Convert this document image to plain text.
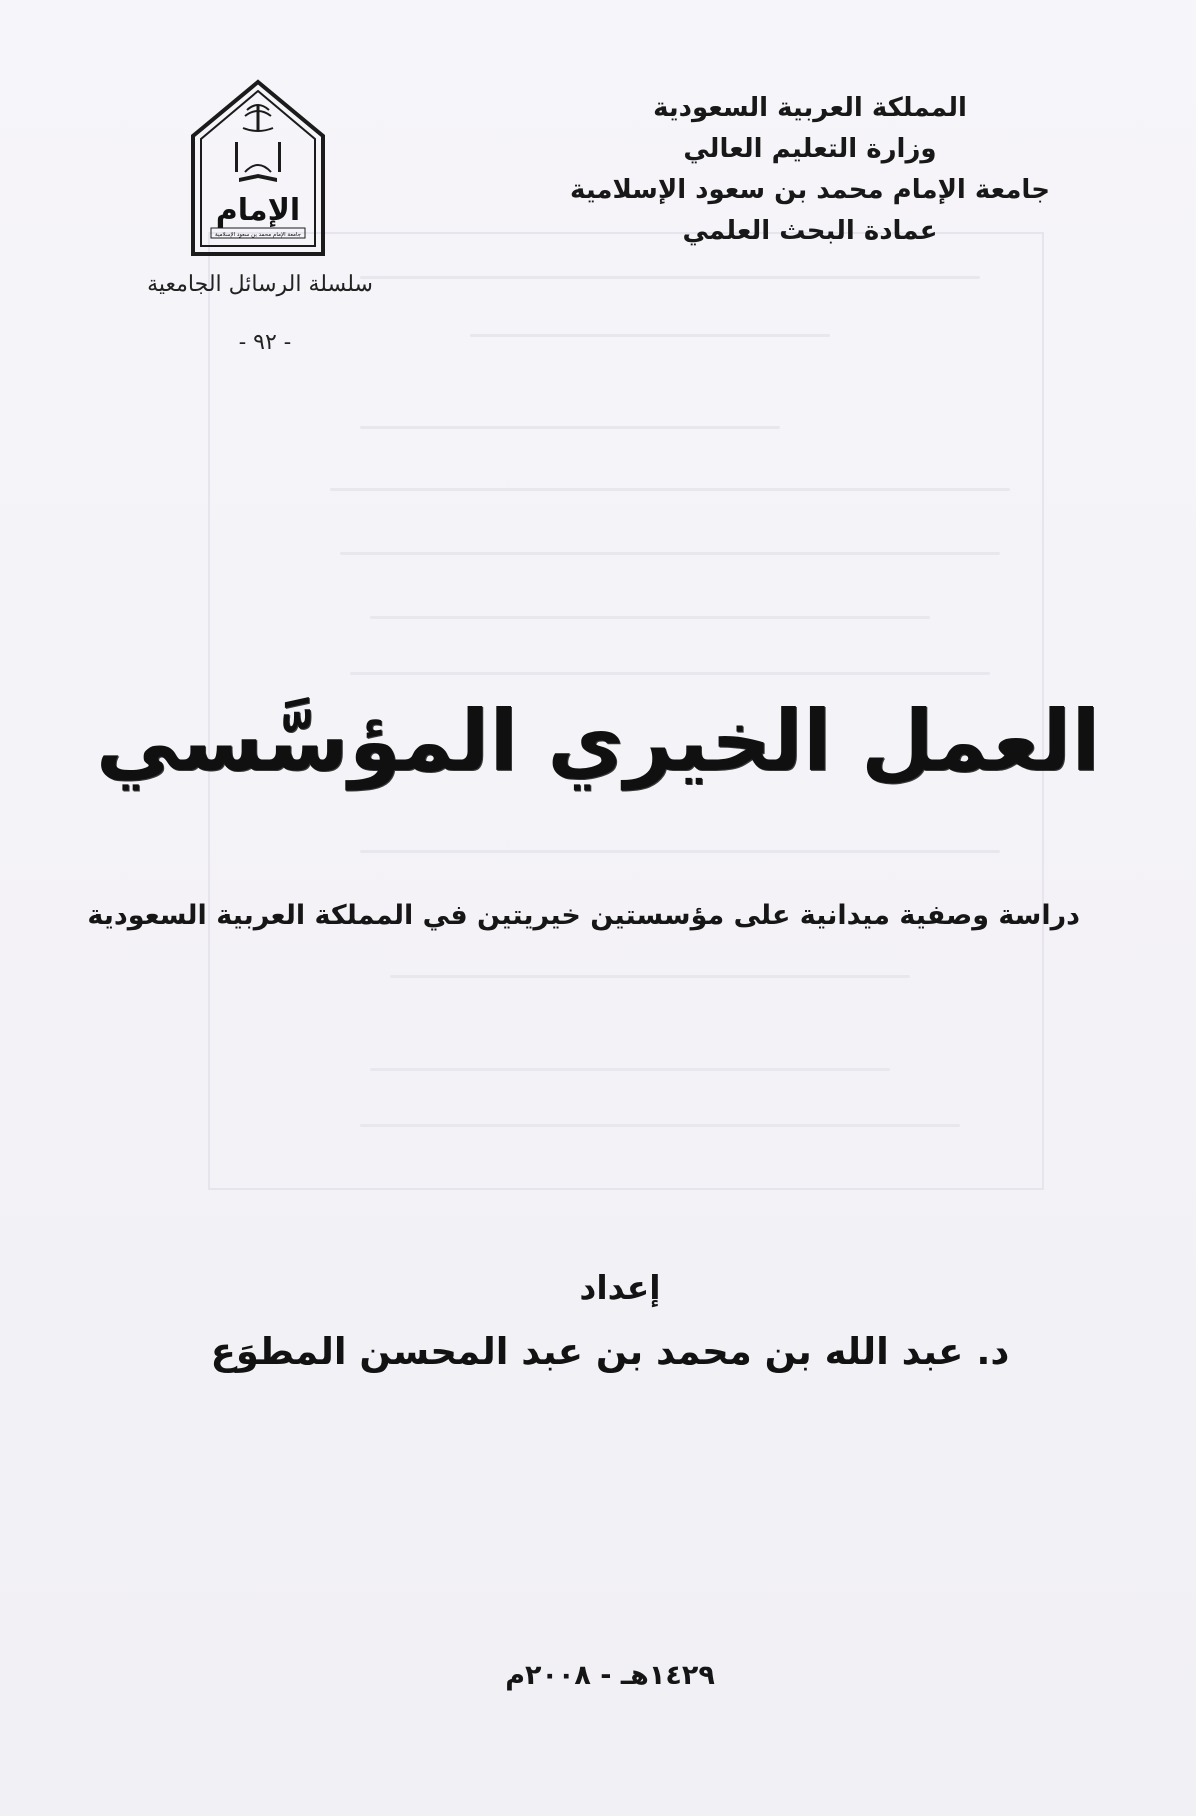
المملكة العربية السعودية
وزارة التعليم العالي
جامعة الإمام محمد بن سعود الإسلامية
عمادة البحث العلمي
الإمام
جامعة الإمام محمد بن سعود الإسلامية
سلسلة الرسائل الجامعية
- ٩٢ -
العمل الخيري المؤسَّسي
دراسة وصفية ميدانية على مؤسستين خيريتين في المملكة العربية السعودية
إعداد
د. عبد الله بن محمد بن عبد المحسن المطوَع
١٤٢٩هـ - ٢٠٠٨م
